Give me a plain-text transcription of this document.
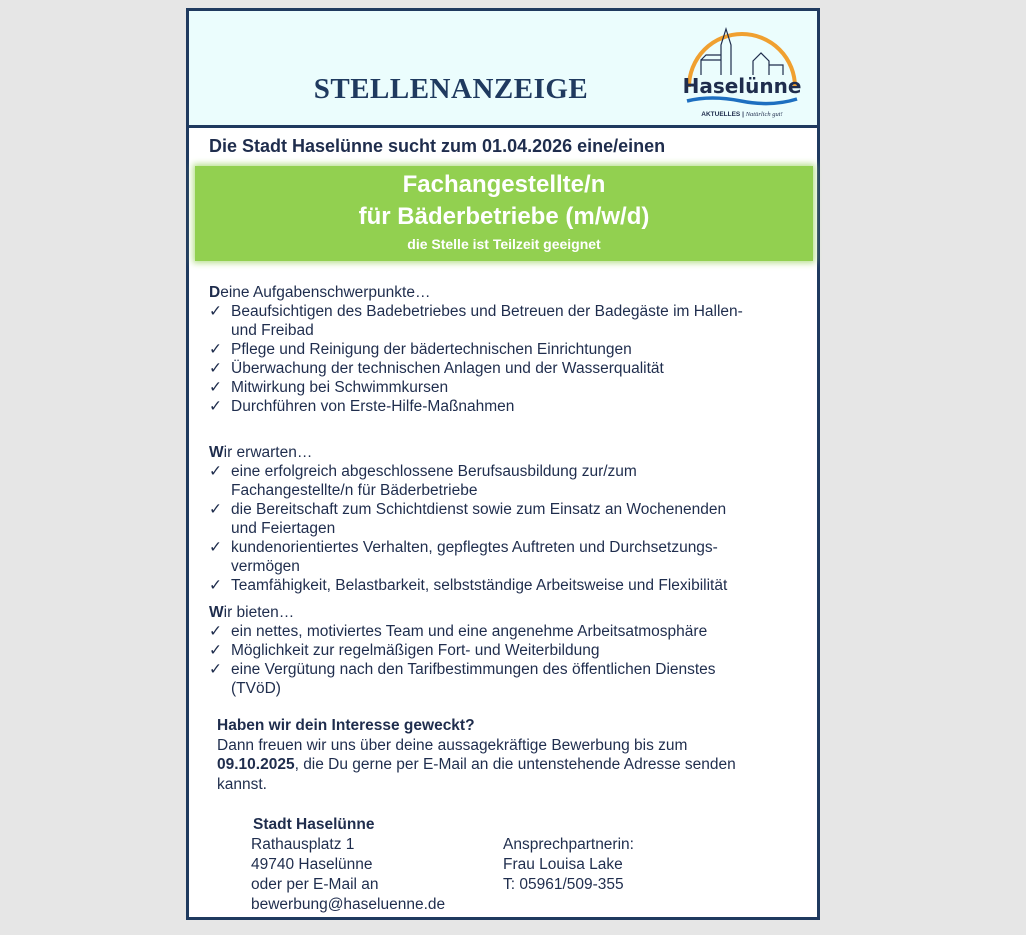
STELLENANZEIGE	Haselünne
AKTUELLES | Natürlich gut!
Die Stadt Haselünne sucht zum 01.04.2026 eine/einen
Fachangestellte/n
für Bäderbetriebe (m/w/d)
die Stelle ist Teilzeit geeignet
Deine Aufgabenschwerpunkte…
✓ Beaufsichtigen des Badebetriebes und Betreuen der Badegäste im Hallen- und Freibad
✓ Pflege und Reinigung der bädertechnischen Einrichtungen
✓ Überwachung der technischen Anlagen und der Wasserqualität
✓ Mitwirkung bei Schwimmkursen
✓ Durchführen von Erste-Hilfe-Maßnahmen
Wir erwarten…
✓ eine erfolgreich abgeschlossene Berufsausbildung zur/zum Fachangestellte/n für Bäderbetriebe
✓ die Bereitschaft zum Schichtdienst sowie zum Einsatz an Wochenenden und Feiertagen
✓ kundenorientiertes Verhalten, gepflegtes Auftreten und Durchsetzungs- vermögen
✓ Teamfähigkeit, Belastbarkeit, selbstständige Arbeitsweise und Flexibilität
Wir bieten…
✓ ein nettes, motiviertes Team und eine angenehme Arbeitsatmosphäre
✓ Möglichkeit zur regelmäßigen Fort- und Weiterbildung
✓ eine Vergütung nach den Tarifbestimmungen des öffentlichen Dienstes (TVöD)
Haben wir dein Interesse geweckt?
Dann freuen wir uns über deine aussagekräftige Bewerbung bis zum
09.10.2025, die Du gerne per E-Mail an die untenstehende Adresse senden kannst.
Stadt Haselünne
Rathausplatz 1
49740 Haselünne
oder per E-Mail an
bewerbung@haseluenne.de
Ansprechpartnerin:
Frau Louisa Lake
T: 05961/509-355
